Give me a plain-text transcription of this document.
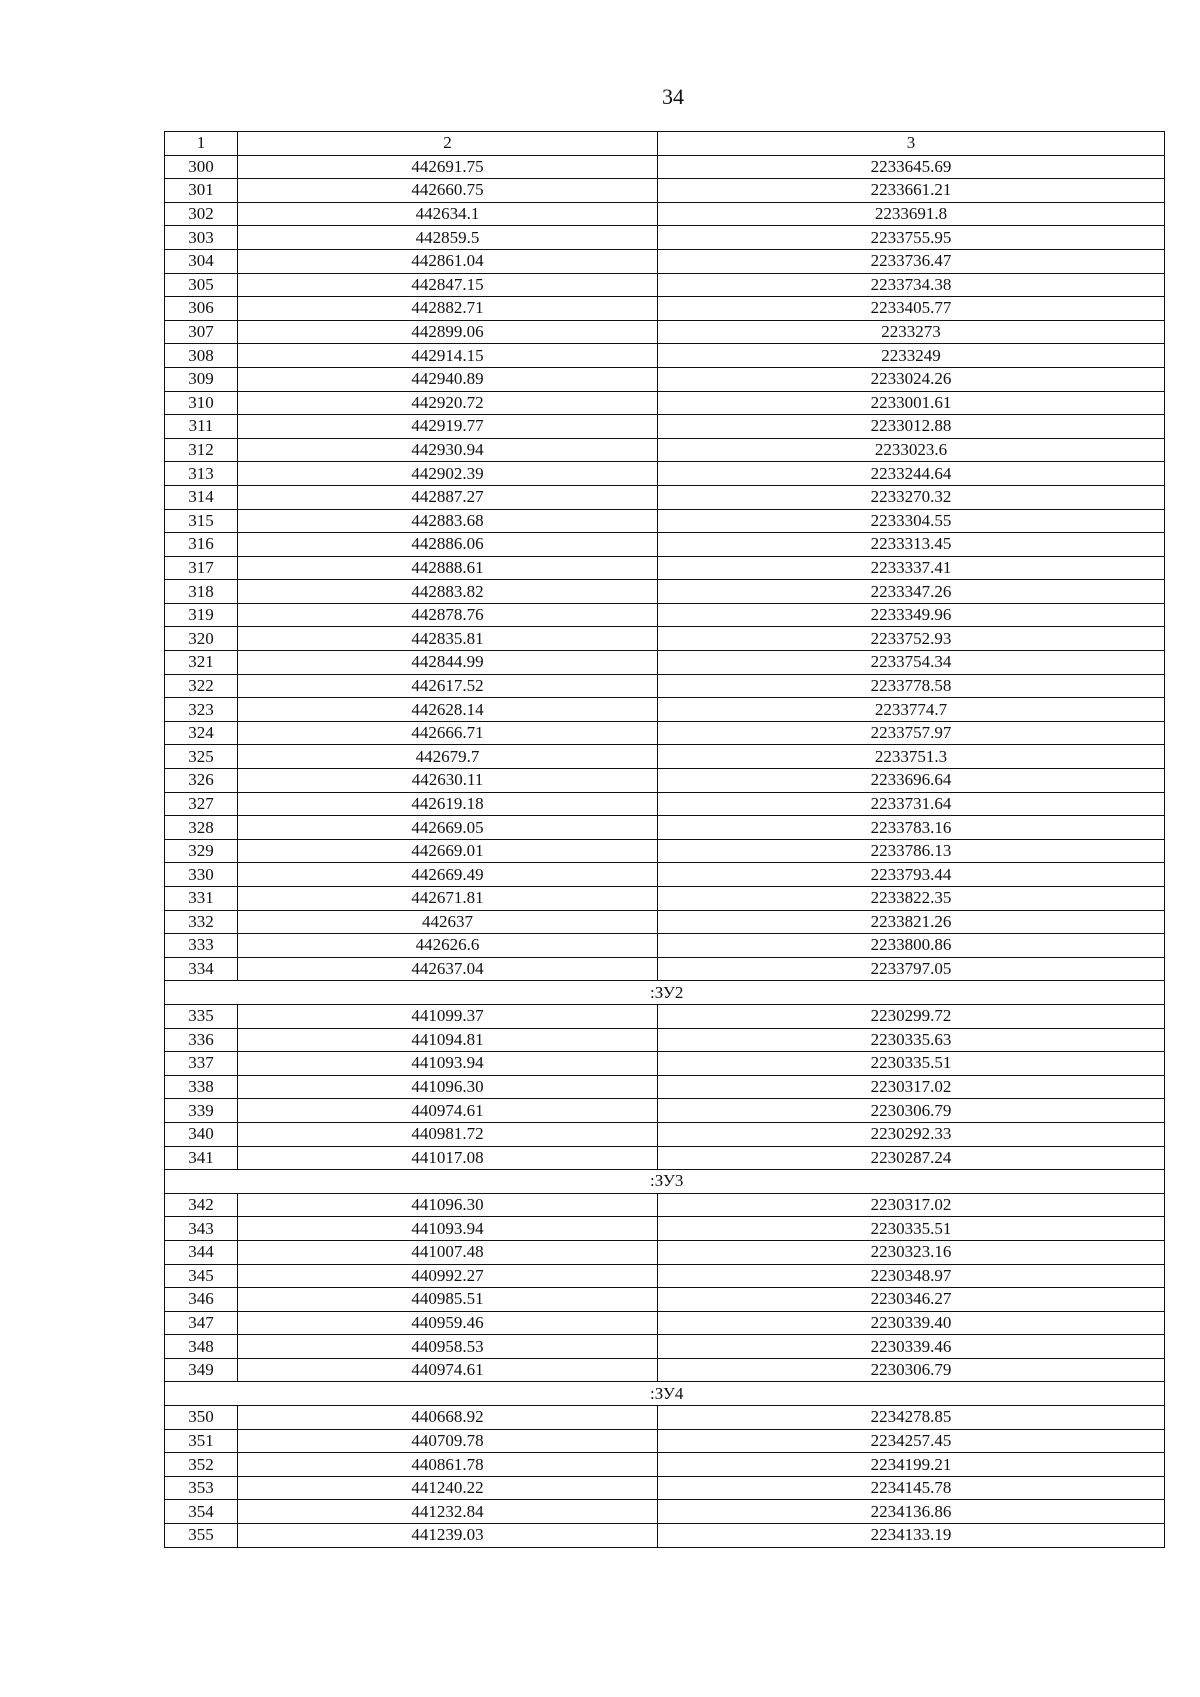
34
1	2	3
300	442691.75	2233645.69
301	442660.75	2233661.21
302	442634.1	2233691.8
303	442859.5	2233755.95
304	442861.04	2233736.47
305	442847.15	2233734.38
306	442882.71	2233405.77
307	442899.06	2233273
308	442914.15	2233249
309	442940.89	2233024.26
310	442920.72	2233001.61
311	442919.77	2233012.88
312	442930.94	2233023.6
313	442902.39	2233244.64
314	442887.27	2233270.32
315	442883.68	2233304.55
316	442886.06	2233313.45
317	442888.61	2233337.41
318	442883.82	2233347.26
319	442878.76	2233349.96
320	442835.81	2233752.93
321	442844.99	2233754.34
322	442617.52	2233778.58
323	442628.14	2233774.7
324	442666.71	2233757.97
325	442679.7	2233751.3
326	442630.11	2233696.64
327	442619.18	2233731.64
328	442669.05	2233783.16
329	442669.01	2233786.13
330	442669.49	2233793.44
331	442671.81	2233822.35
332	442637	2233821.26
333	442626.6	2233800.86
334	442637.04	2233797.05
:ЗУ2		
335	441099.37	2230299.72
336	441094.81	2230335.63
337	441093.94	2230335.51
338	441096.30	2230317.02
339	440974.61	2230306.79
340	440981.72	2230292.33
341	441017.08	2230287.24
:ЗУ3		
342	441096.30	2230317.02
343	441093.94	2230335.51
344	441007.48	2230323.16
345	440992.27	2230348.97
346	440985.51	2230346.27
347	440959.46	2230339.40
348	440958.53	2230339.46
349	440974.61	2230306.79
:ЗУ4		
350	440668.92	2234278.85
351	440709.78	2234257.45
352	440861.78	2234199.21
353	441240.22	2234145.78
354	441232.84	2234136.86
355	441239.03	2234133.19
